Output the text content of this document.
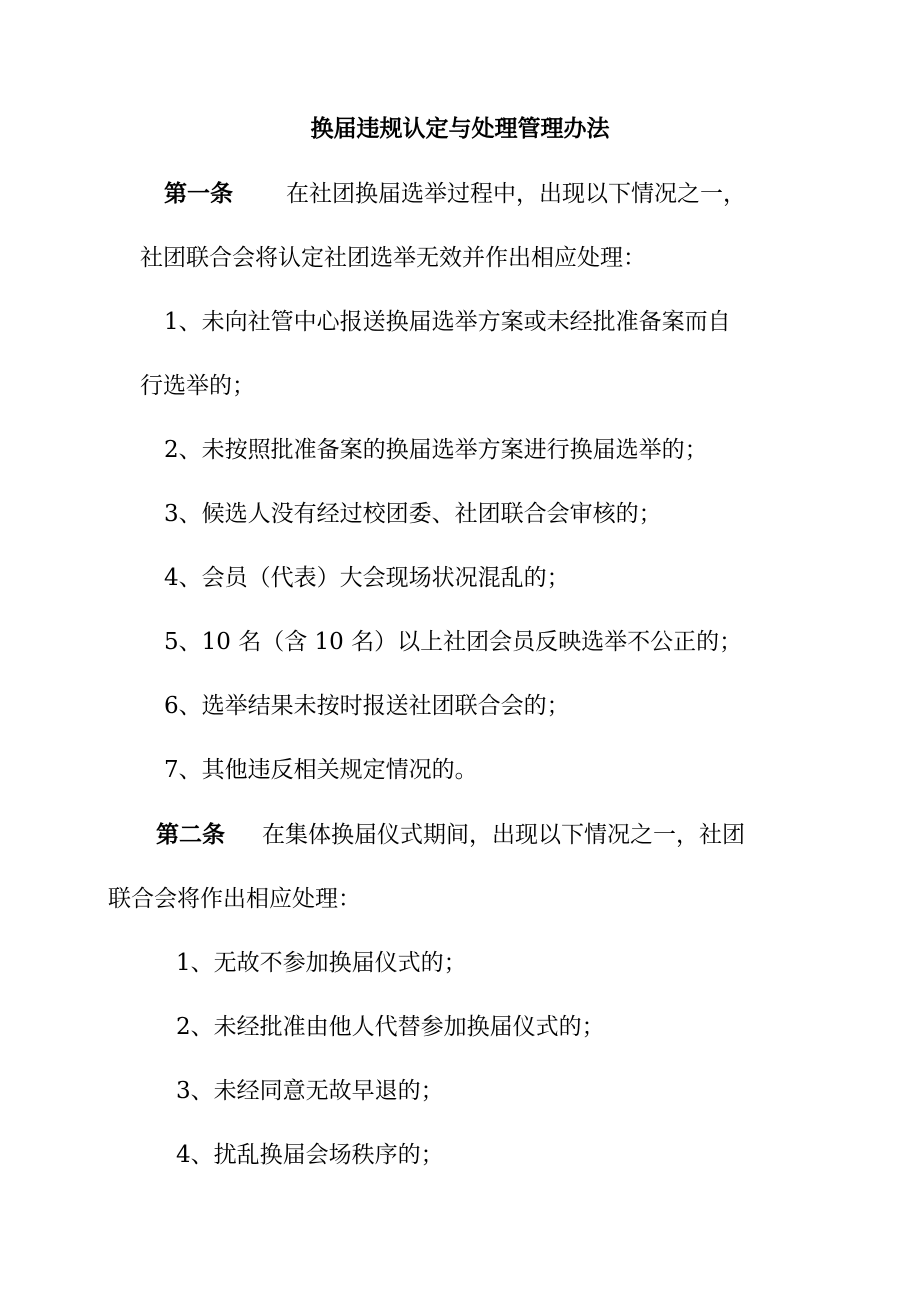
换届违规认定与处理管理办法
第一条 在社团换届选举过程中，出现以下情况之一，
社团联合会将认定社团选举无效并作出相应处理：
1、未向社管中心报送换届选举方案或未经批准备案而自
行选举的；
2、未按照批准备案的换届选举方案进行换届选举的；
3、候选人没有经过校团委、社团联合会审核的；
4、会员（代表）大会现场状况混乱的；
5、10 名（含 10 名）以上社团会员反映选举不公正的；
6、选举结果未按时报送社团联合会的；
7、其他违反相关规定情况的。
第二条 在集体换届仪式期间，出现以下情况之一，社团
联合会将作出相应处理：
1、无故不参加换届仪式的；
2、未经批准由他人代替参加换届仪式的；
3、未经同意无故早退的；
4、扰乱换届会场秩序的；
